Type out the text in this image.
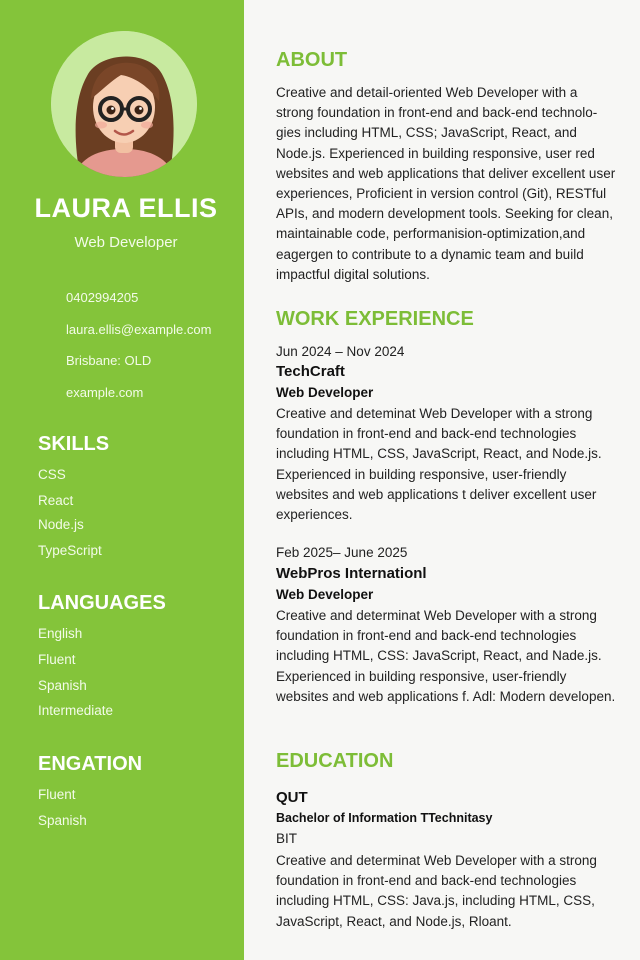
LAURA ELLIS
Web Developer
0402994205
laura.ellis@example.com
Brisbane: OLD
example.com
SKILLS
CSS
React
Node.js
TypeScript
LANGUAGES
English
Fluent
Spanish
Intermediate
ENGATION
Fluent
Spanish
ABOUT

Creative and detail-oriented Web Developer with a strong foundation in front-end and back-end technolo-gies including HTML, CSS; JavaScript, React, and Node.js. Experienced in building responsive, user red websites and web applications that deliver excellent user experiences, Proficient in version control (Git), RESTful APIs, and modern development tools. Seeking for clean, maintainable code, performanision-optimization,and eagergen to contribute to a dynamic team and build impactful digital solutions.

WORK EXPERIENCE
Jun 2024 – Nov 2024
TechCraft
Web Developer

Creative and deteminat Web Developer with a strong foundation in front-end and back-end technologies including HTML, CSS, JavaScript, React, and Node.js. Experienced in building responsive, user-friendly websites and web applications t deliver excellent user experiences.

Feb 2025– June 2025
WebPros Internationl
Web Developer

Creative and determinat Web Developer with a strong foundation in front-end and back-end technologies including HTML, CSS: JavaScript, React, and Nade.js. Experienced in building responsive, user-friendly websites and web applications f. Adl: Modern developen.

EDUCATION
QUT
Bachelor of Information TTechnitasy
BIT

Creative and determinat Web Developer with a strong foundation in front-end and back-end technologies including HTML, CSS: Java.js, including HTML, CSS, JavaScript, React, and Node.js, Rloant.
